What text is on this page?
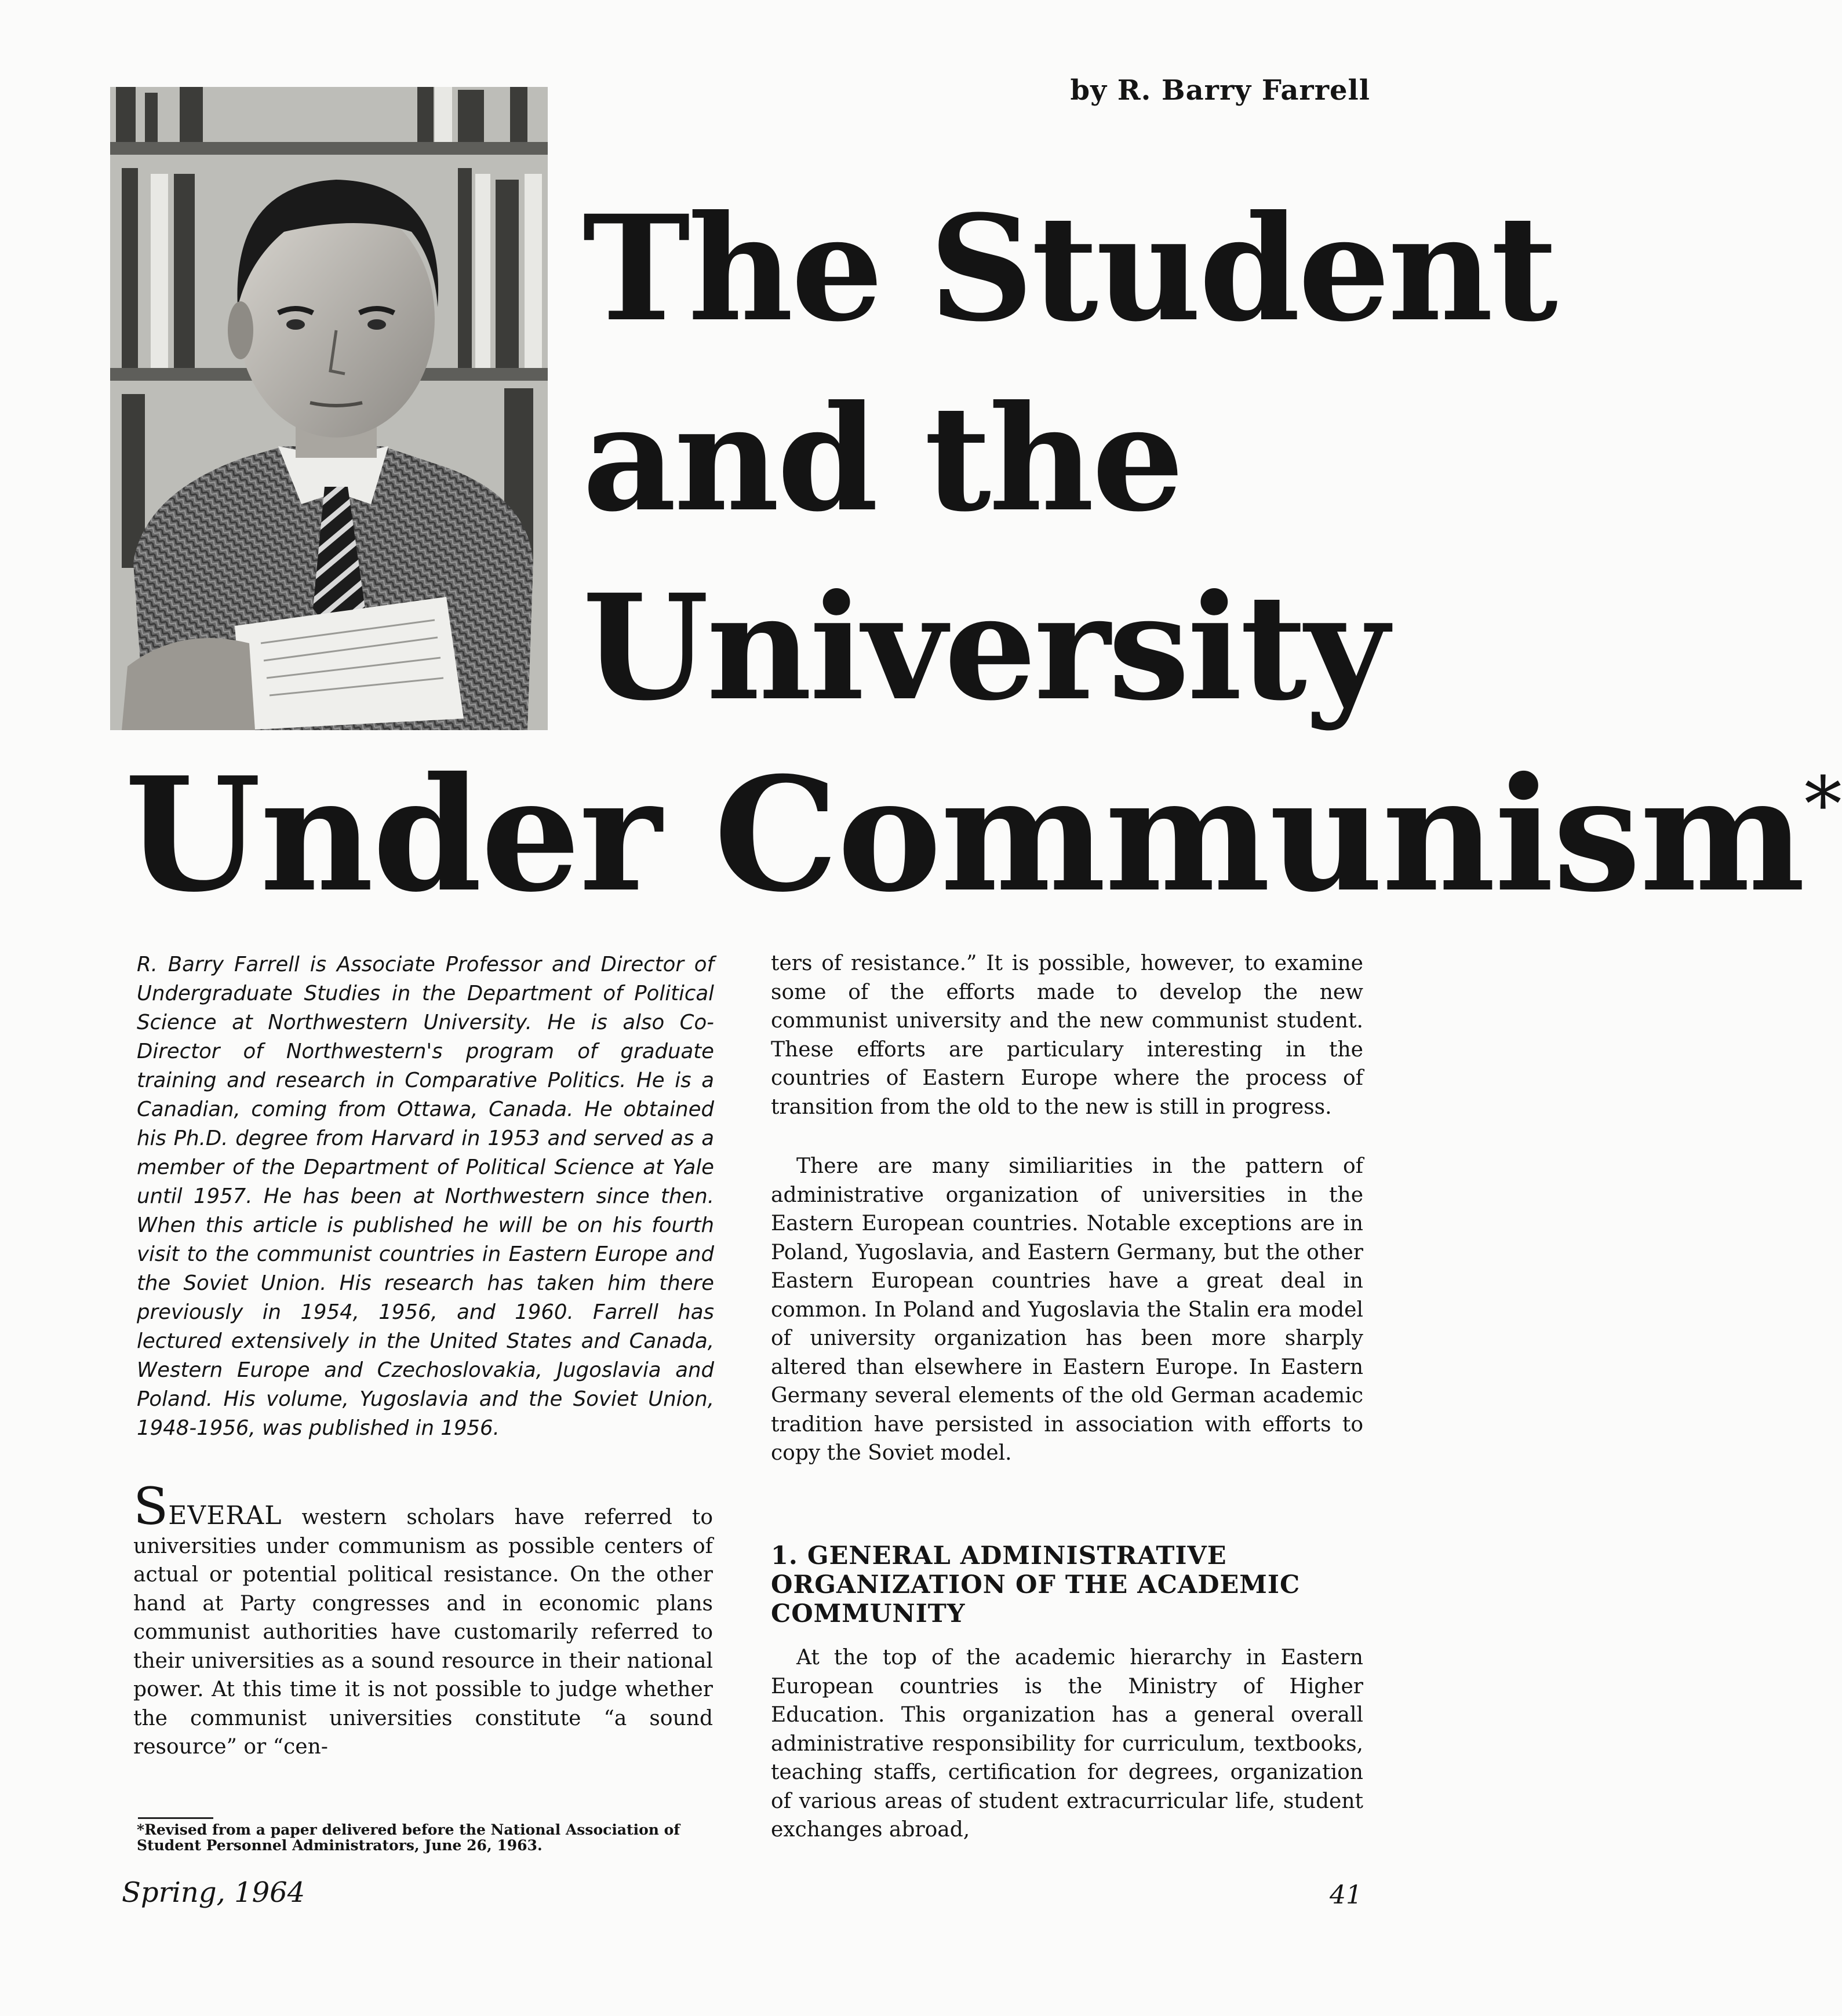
by R. Barry Farrell
The Student
and the
University
Under Communism*

R. Barry Farrell is Associate Professor and Director of Undergraduate Studies in the Department of Political Science at Northwestern University. He is also Co-Director of Northwestern's program of graduate training and research in Comparative Politics. He is a Canadian, coming from Ottawa, Canada. He obtained his Ph.D. degree from Harvard in 1953 and served as a member of the Department of Political Science at Yale until 1957. He has been at Northwestern since then. When this article is published he will be on his fourth visit to the communist countries in Eastern Europe and the Soviet Union. His research has taken him there previously in 1954, 1956, and 1960. Farrell has lectured extensively in the United States and Canada, Western Europe and Czechoslovakia, Jugoslavia and Poland. His volume, Yugoslavia and the Soviet Union, 1948-1956, was published in 1956.

SEVERAL western scholars have referred to universities under communism as possible centers of actual or potential political resistance. On the other hand at Party congresses and in economic plans communist authorities have customarily referred to their universities as a sound resource in their national power. At this time it is not possible to judge whether the communist universities constitute “a sound resource” or “cen-

*Revised from a paper delivered before the National Association of Student Personnel Administrators, June 26, 1963.

ters of resistance.” It is possible, however, to examine some of the efforts made to develop the new communist university and the new communist student. These efforts are particulary interesting in the countries of Eastern Europe where the process of transition from the old to the new is still in progress.

There are many similiarities in the pattern of administrative organization of universities in the Eastern European countries. Notable exceptions are in Poland, Yugoslavia, and Eastern Germany, but the other Eastern European countries have a great deal in common. In Poland and Yugoslavia the Stalin era model of university organization has been more sharply altered than elsewhere in Eastern Europe. In Eastern Germany several elements of the old German academic tradition have persisted in association with efforts to copy the Soviet model.

1. GENERAL ADMINISTRATIVE ORGANIZATION OF THE ACADEMIC COMMUNITY

At the top of the academic hierarchy in Eastern European countries is the Ministry of Higher Education. This organization has a general overall administrative responsibility for curriculum, textbooks, teaching staffs, certification for degrees, organization of various areas of student extracurricular life, student exchanges abroad,

Spring, 1964	41
